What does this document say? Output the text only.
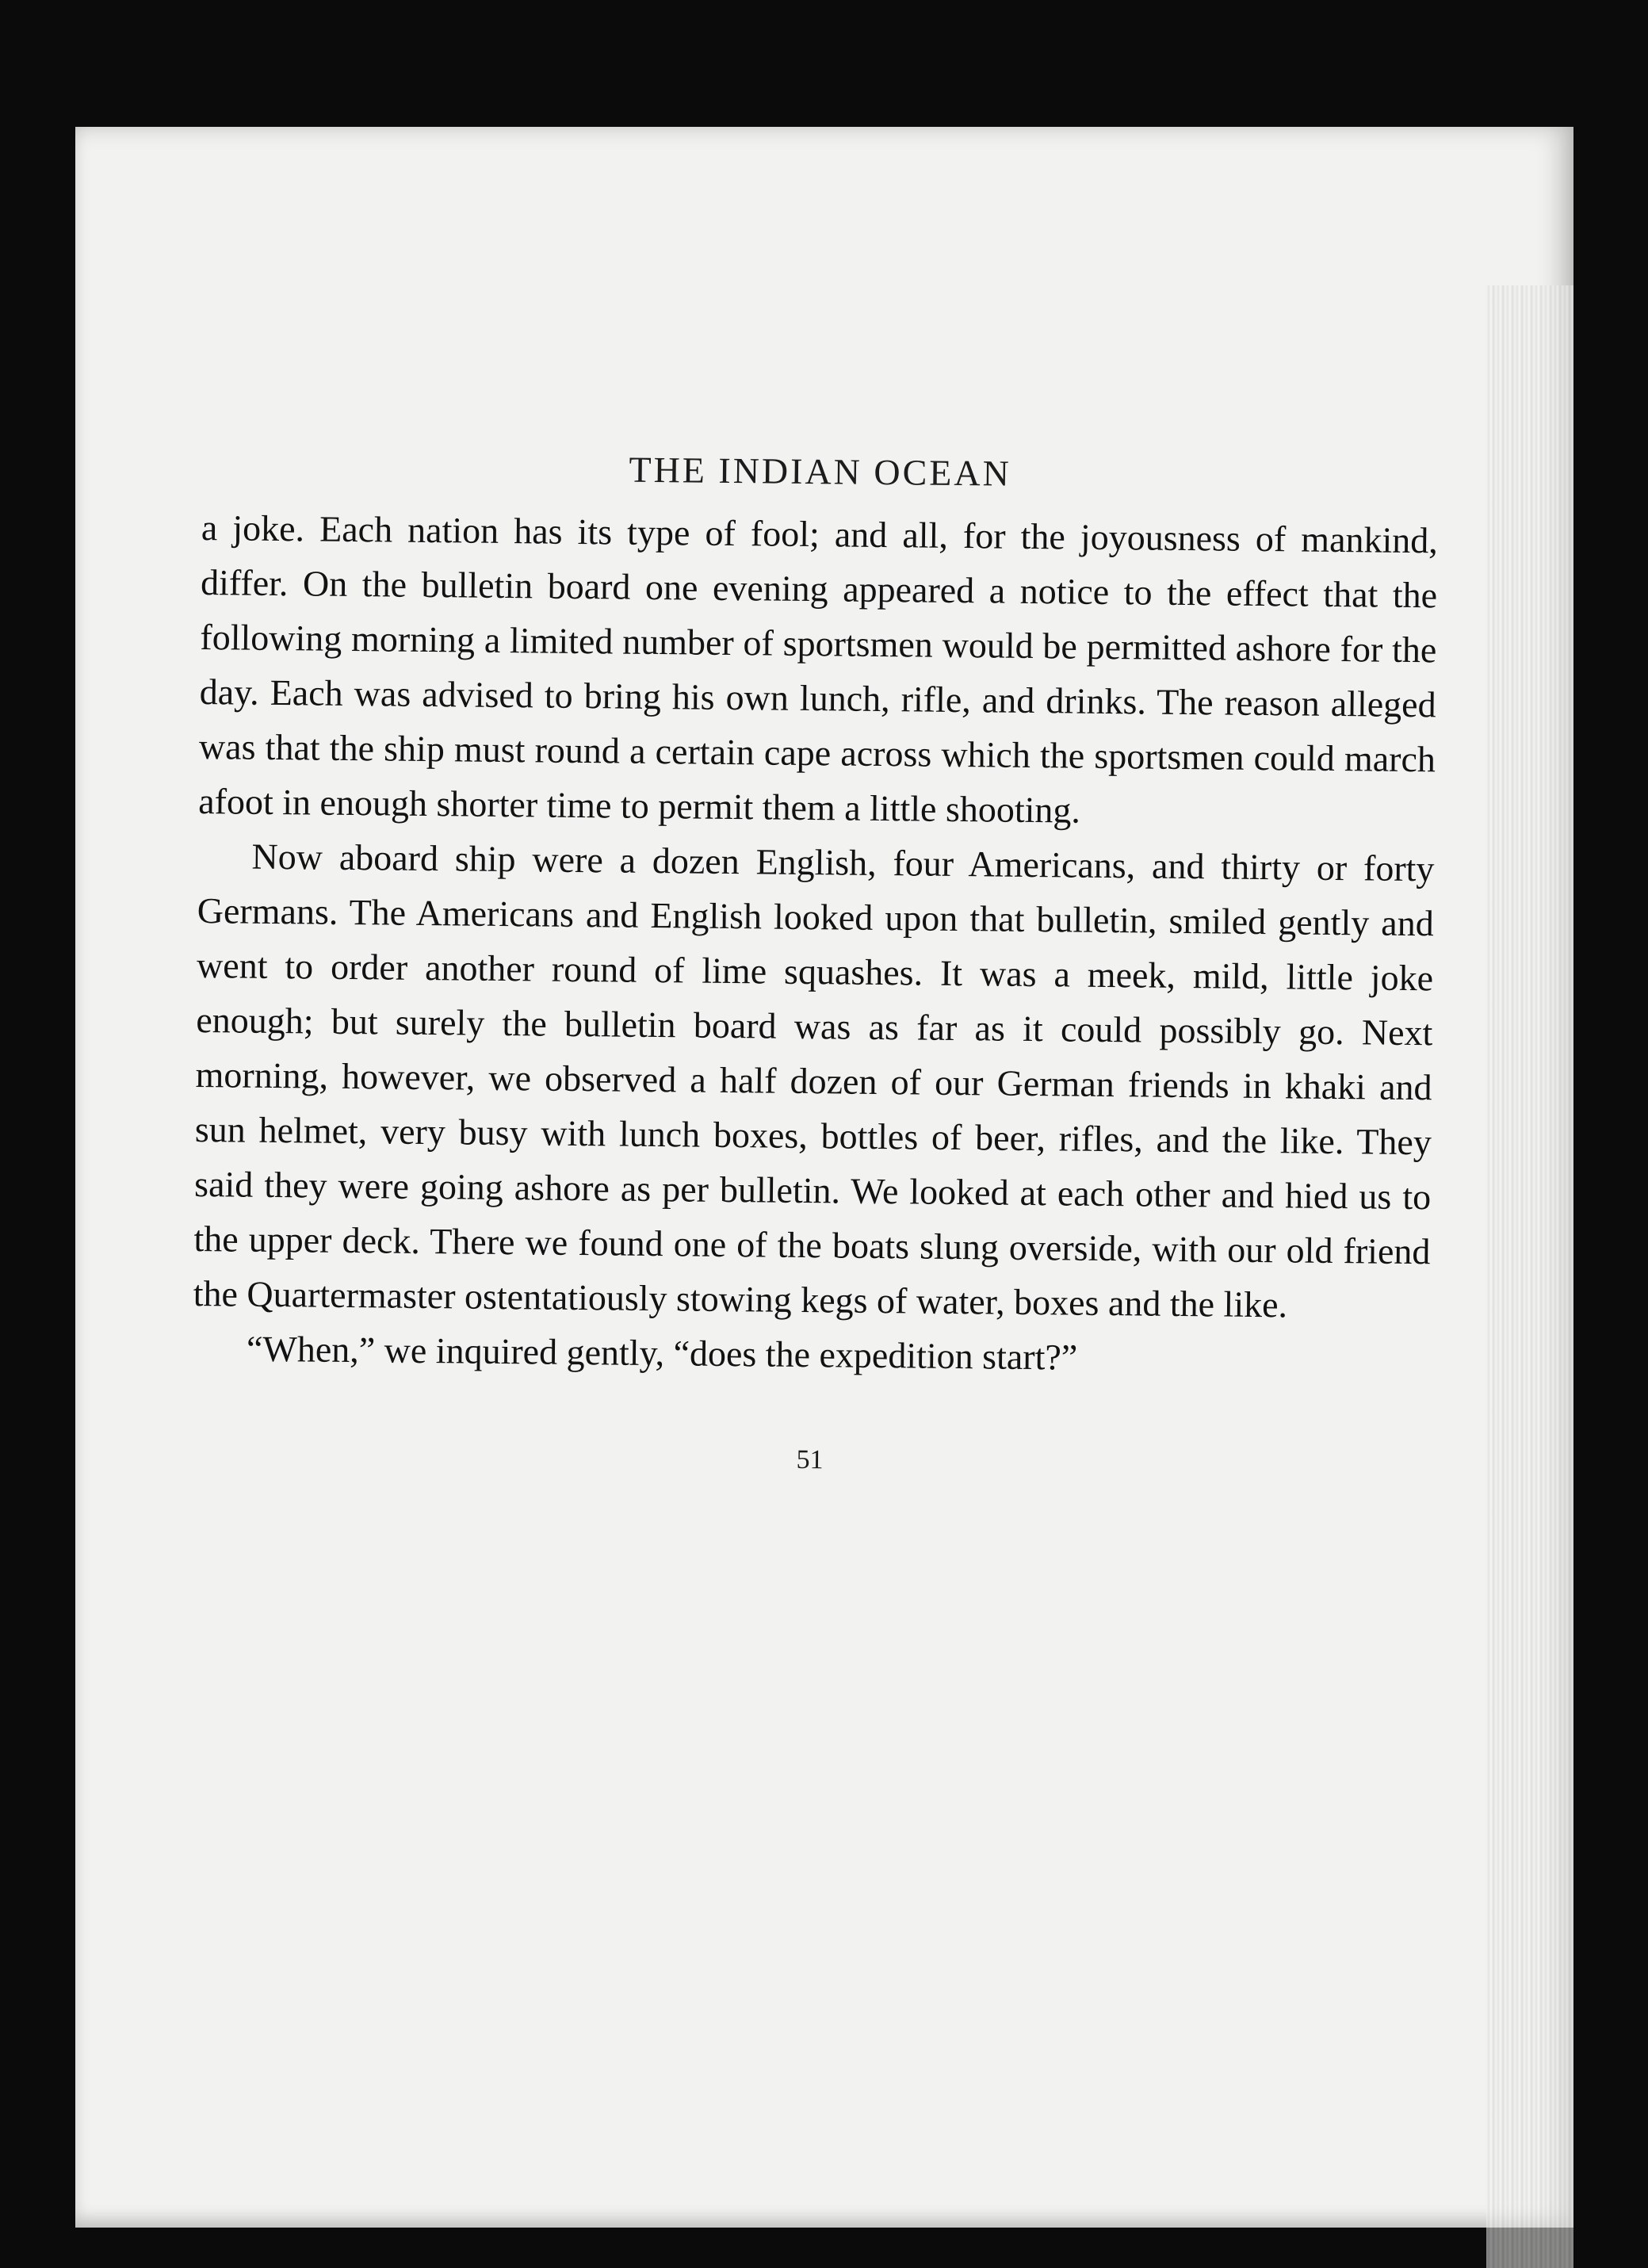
THE INDIAN OCEAN

a joke. Each nation has its type of fool; and all, for the joyousness of mankind, differ. On the bulletin board one evening appeared a notice to the effect that the following morning a limited number of sportsmen would be permitted ashore for the day. Each was advised to bring his own lunch, rifle, and drinks. The reason alleged was that the ship must round a certain cape across which the sportsmen could march afoot in enough shorter time to permit them a little shooting.

Now aboard ship were a dozen English, four Americans, and thirty or forty Germans. The Americans and English looked upon that bulletin, smiled gently and went to order another round of lime squashes. It was a meek, mild, little joke enough; but surely the bulletin board was as far as it could possibly go. Next morning, however, we observed a half dozen of our German friends in khaki and sun helmet, very busy with lunch boxes, bottles of beer, rifles, and the like. They said they were going ashore as per bulletin. We looked at each other and hied us to the upper deck. There we found one of the boats slung overside, with our old friend the Quartermaster ostentatiously stowing kegs of water, boxes and the like.

“When,” we inquired gently, “does the expedition start?”

51
